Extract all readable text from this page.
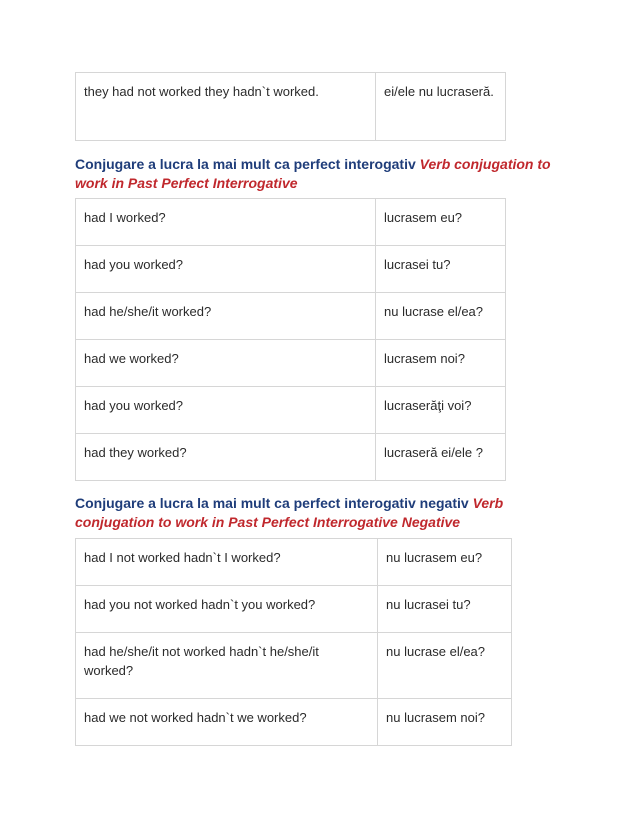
they had not worked they hadn`t worked.	ei/ele nu lucraseră.

Conjugare a lucra la mai mult ca perfect interogativ Verb conjugation to work in Past Perfect Interrogative

had I worked?	lucrasem eu?
had you worked?	lucrasei tu?
had he/she/it worked?	nu lucrase el/ea?
had we worked?	lucrasem noi?
had you worked?	lucraserăţi voi?
had they worked?	lucraseră ei/ele ?

Conjugare a lucra la mai mult ca perfect interogativ negativ Verb conjugation to work in Past Perfect Interrogative Negative

had I not worked hadn`t I worked?	nu lucrasem eu?
had you not worked hadn`t you worked?	nu lucrasei tu?
had he/she/it not worked hadn`t he/she/it worked?	nu lucrase el/ea?
had we not worked hadn`t we worked?	nu lucrasem noi?
